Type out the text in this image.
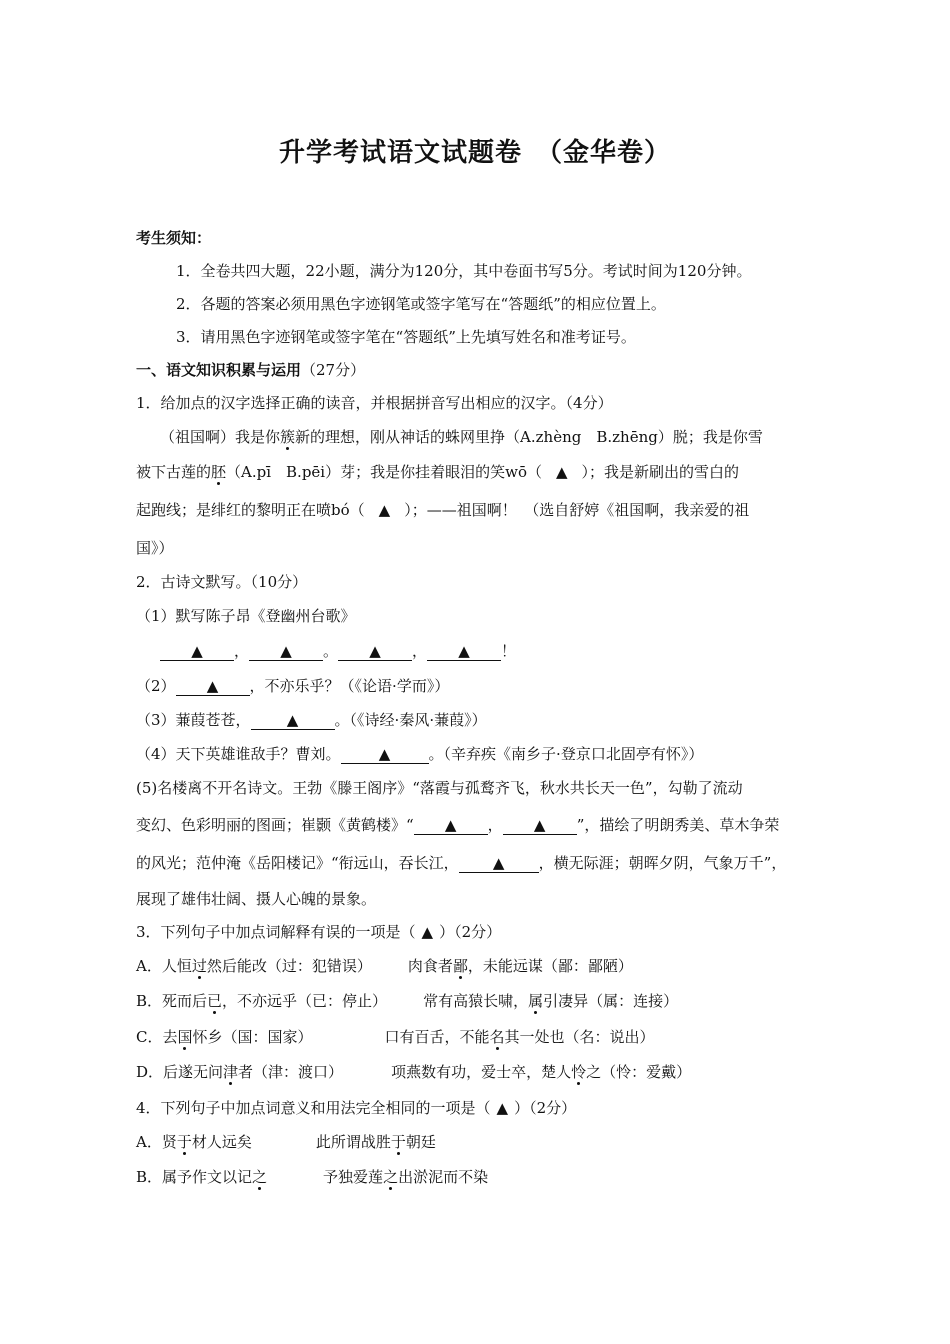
升学考试语文试题卷　（金华卷）
考生须知：
1．全卷共四大题，22小题，满分为120分，其中卷面书写5分。考试时间为120分钟。
2．各题的答案必须用黑色字迹钢笔或签字笔写在“答题纸”的相应位置上。
3．请用黑色字迹钢笔或签字笔在“答题纸”上先填写姓名和准考证号。
一、语文知识积累与运用（27分）
1．给加点的汉字选择正确的读音，并根据拼音写出相应的汉字。（4分）
（祖国啊）我是你簇新的理想，刚从神话的蛛网里挣（A.zhèng　B.zhēng）脱；我是你雪
被下古莲的胚（A.pī　B.pēi）芽；我是你挂着眼泪的笑wō（ ▲ ）；我是新刷出的雪白的
起跑线；是绯红的黎明正在喷bó（ ▲ ）；——祖国啊！　（选自舒婷《祖国啊，我亲爱的祖
国》）
2．古诗文默写。（10分）
（1）默写陈子昂《登幽州台歌》
▲ ， ▲ 。 ▲ ， ▲ ！
（2） ▲ ，不亦乐乎？（《论语·学而》）
（3）蒹葭苍苍， ▲ 。（《诗经·秦风·蒹葭》）
（4）天下英雄谁敌手？曹刘。	▲	。（辛弃疾《南乡子·登京口北固亭有怀》）
(5)名楼离不开名诗文。王勃《滕王阁序》“落霞与孤鹜齐飞，秋水共长天一色”，勾勒了流动
变幻、色彩明丽的图画；崔颢《黄鹤楼》“ ▲ ， ▲ ”，描绘了明朗秀美、草木争荣
的风光；范仲淹《岳阳楼记》“衔远山，吞长江， ▲ ，横无际涯；朝晖夕阴，气象万千”，
展现了雄伟壮阔、摄人心魄的景象。
3．下列句子中加点词解释有误的一项是（ ▲ ）（2分）
A．人恒过然后能改（过：犯错误） 肉食者鄙，未能远谋（鄙：鄙陋）
B．死而后已，不亦远乎（已：停止） 常有高猿长啸，属引凄异（属：连接）
C．去国怀乡（国：国家）	口有百舌，不能名其一处也（名：说出）
D．后遂无问津者（津：渡口）	项燕数有功，爱士卒，楚人怜之（怜：爱戴）
4．下列句子中加点词意义和用法完全相同的一项是（ ▲ ）（2分）
A．贤于材人远矣	此所谓战胜于朝廷
B．属予作文以记之	予独爱莲之出淤泥而不染
